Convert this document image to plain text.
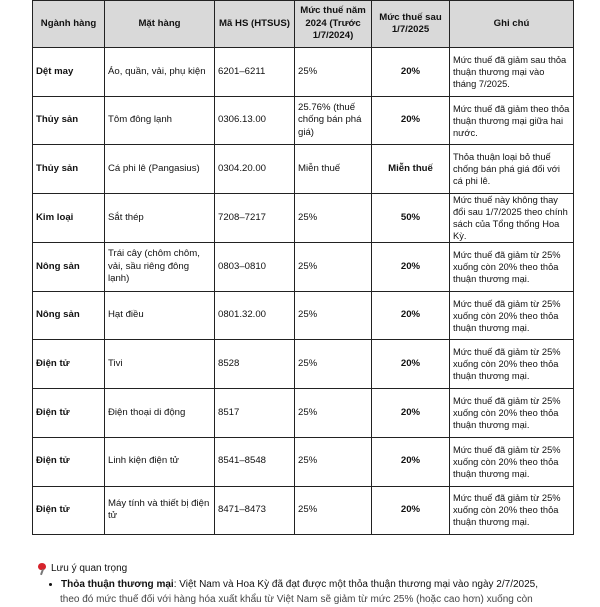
Ngành hàng	Mặt hàng	Mã HS (HTSUS)	Mức thuế năm 2024 (Trước 1/7/2024)	Mức thuế sau 1/7/2025	Ghi chú
Dệt may	Áo, quần, vải, phụ kiện	6201–6211	25%	20%	Mức thuế đã giảm sau thỏa thuận thương mại vào tháng 7/2025.
Thủy sản	Tôm đông lạnh	0306.13.00	25.76% (thuế chống bán phá giá)	20%	Mức thuế đã giảm theo thỏa thuận thương mại giữa hai nước.
Thủy sản	Cá phi lê (Pangasius)	0304.20.00	Miễn thuế	Miễn thuế	Thỏa thuận loại bỏ thuế chống bán phá giá đối với cá phi lê.
Kim loại	Sắt thép	7208–7217	25%	50%	Mức thuế này không thay đổi sau 1/7/2025 theo chính sách của Tổng thống Hoa Kỳ.
Nông sản	Trái cây (chôm chôm, vải, sầu riêng đông lạnh)	0803–0810	25%	20%	Mức thuế đã giảm từ 25% xuống còn 20% theo thỏa thuận thương mại.
Nông sản	Hạt điều	0801.32.00	25%	20%	Mức thuế đã giảm từ 25% xuống còn 20% theo thỏa thuận thương mại.
Điện tử	Tivi	8528	25%	20%	Mức thuế đã giảm từ 25% xuống còn 20% theo thỏa thuận thương mại.
Điện tử	Điện thoại di động	8517	25%	20%	Mức thuế đã giảm từ 25% xuống còn 20% theo thỏa thuận thương mại.
Điện tử	Linh kiện điện tử	8541–8548	25%	20%	Mức thuế đã giảm từ 25% xuống còn 20% theo thỏa thuận thương mại.
Điện tử	Máy tính và thiết bị điện tử	8471–8473	25%	20%	Mức thuế đã giảm từ 25% xuống còn 20% theo thỏa thuận thương mại.
Lưu ý quan trọng
• Thỏa thuận thương mại: Việt Nam và Hoa Kỳ đã đạt được một thỏa thuận thương mại vào ngày 2/7/2025,
theo đó mức thuế đối với hàng hóa xuất khẩu từ Việt Nam sẽ giảm từ mức 25% (hoặc cao hơn) xuống còn
